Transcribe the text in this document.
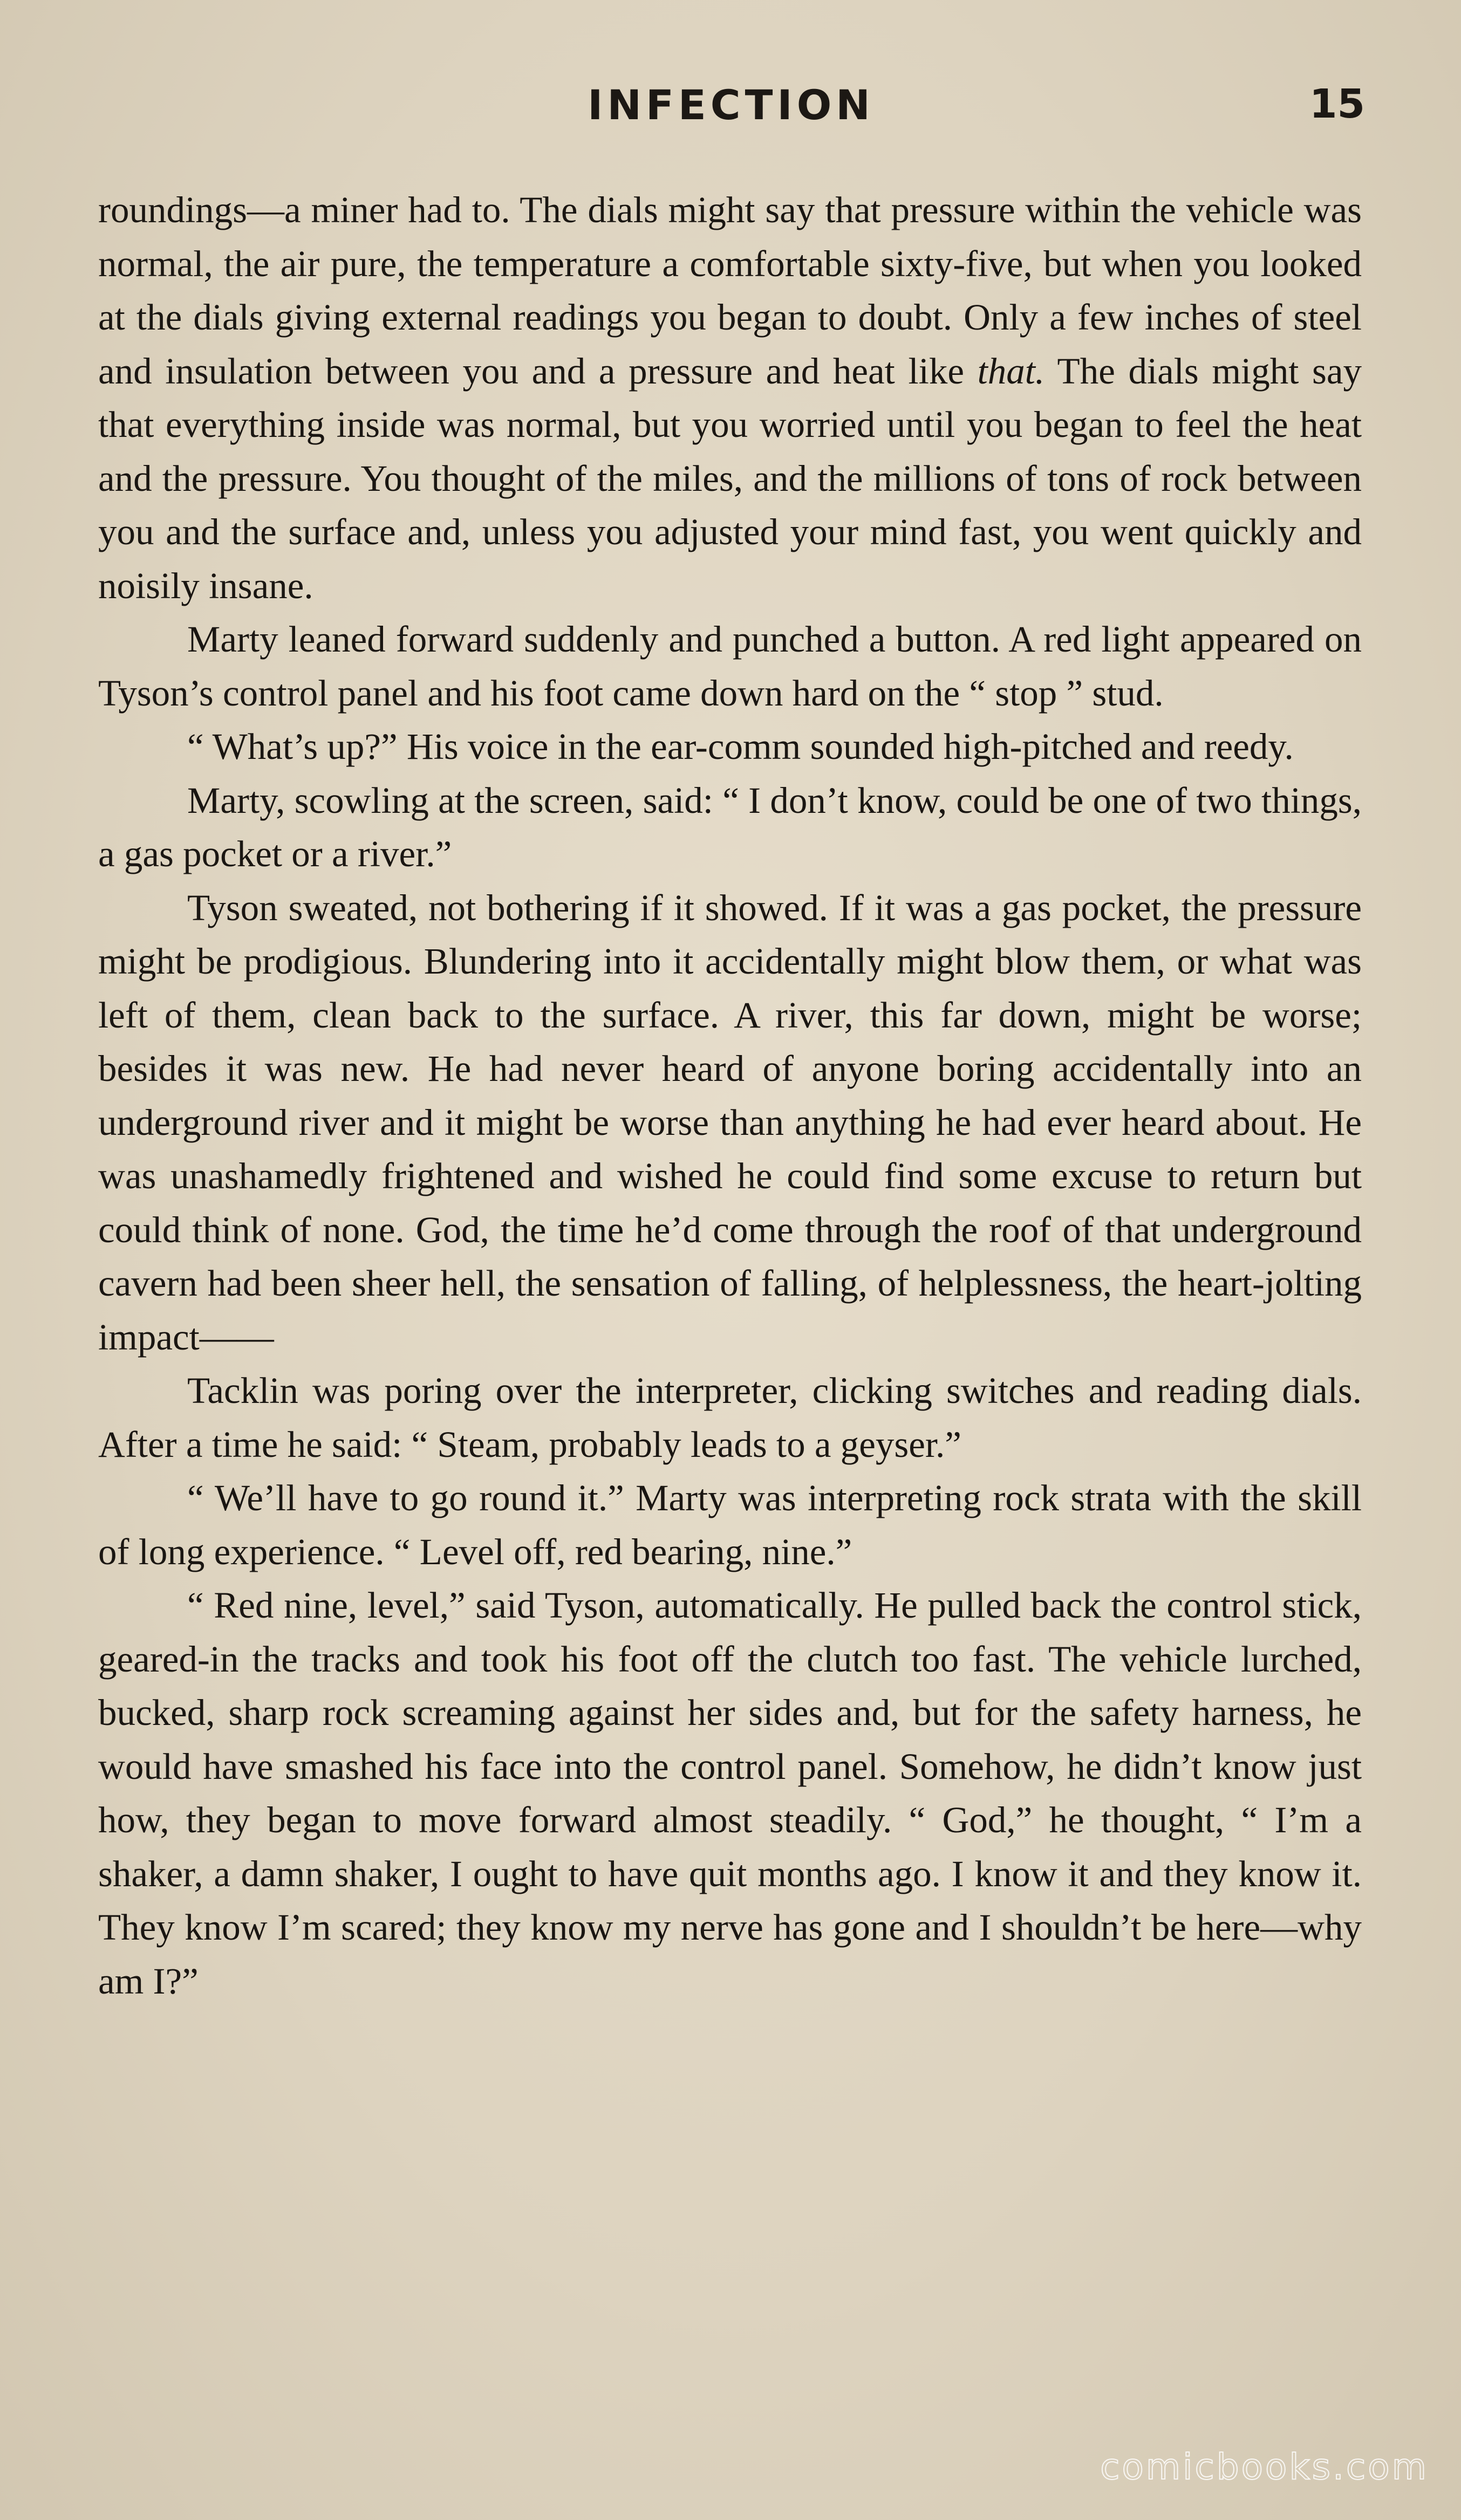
INFECTION	15

roundings—a miner had to. The dials might say that pressure within the vehicle was normal, the air pure, the temperature a comfortable sixty-five, but when you looked at the dials giving external readings you began to doubt. Only a few inches of steel and insulation between you and a pressure and heat like that. The dials might say that everything inside was normal, but you worried until you began to feel the heat and the pressure. You thought of the miles, and the millions of tons of rock between you and the surface and, unless you adjusted your mind fast, you went quickly and noisily insane.

Marty leaned forward suddenly and punched a button. A red light appeared on Tyson’s control panel and his foot came down hard on the “ stop ” stud.

“ What’s up?” His voice in the ear-comm sounded high-pitched and reedy.

Marty, scowling at the screen, said: “ I don’t know, could be one of two things, a gas pocket or a river.”

Tyson sweated, not bothering if it showed. If it was a gas pocket, the pressure might be prodigious. Blundering into it accidentally might blow them, or what was left of them, clean back to the surface. A river, this far down, might be worse; besides it was new. He had never heard of anyone boring accidentally into an underground river and it might be worse than anything he had ever heard about. He was unashamedly frightened and wished he could find some excuse to return but could think of none. God, the time he’d come through the roof of that underground cavern had been sheer hell, the sensation of falling, of helplessness, the heart-jolting impact——

Tacklin was poring over the interpreter, clicking switches and reading dials. After a time he said: “ Steam, probably leads to a geyser.”

“ We’ll have to go round it.” Marty was interpreting rock strata with the skill of long experience. “ Level off, red bearing, nine.”

“ Red nine, level,” said Tyson, automatically. He pulled back the control stick, geared-in the tracks and took his foot off the clutch too fast. The vehicle lurched, bucked, sharp rock screaming against her sides and, but for the safety harness, he would have smashed his face into the control panel. Somehow, he didn’t know just how, they began to move forward almost steadily. “ God,” he thought, “ I’m a shaker, a damn shaker, I ought to have quit months ago. I know it and they know it. They know I’m scared; they know my nerve has gone and I shouldn’t be here—why am I?”

comicbooks.com
